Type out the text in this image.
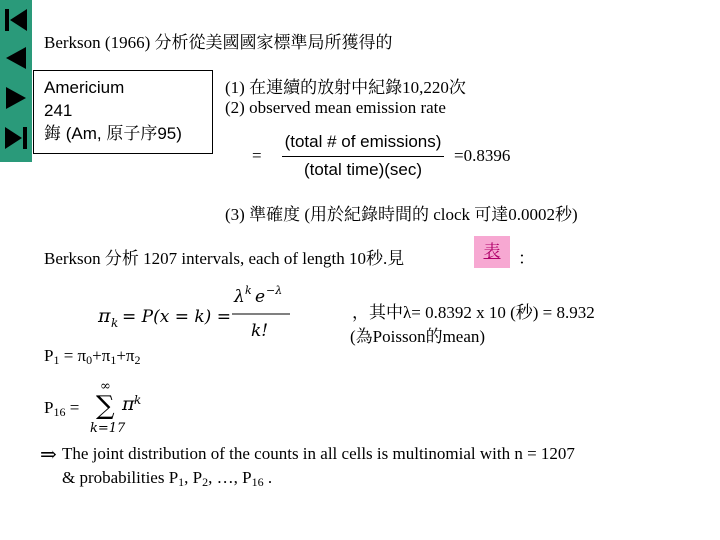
Berkson (1966) 分析從美國國家標準局所獲得的
Americium
241
鋂 (Am, 原子序95)
(1) 在連續的放射中紀錄10,220次
(2) observed mean emission rate
=
(total # of emissions)
(total time)(sec)
=0.8396
(3) 準確度 (用於紀錄時間的 clock 可達0.0002秒)
Berkson 分析 1207 intervals, each of length 10秒.見	表	：
π k = P(x = k) =
λ k e −λ
k!
，其中λ= 0.8392 x 10 (秒) = 8.932
(為Poisson的mean)
$P_1 = \pi_0+\pi_1+\pi_2$
$P_{16}$ =
∞
∑
k=17
π k
⇒ The joint distribution of the counts in all cells is multinomial with n = 1207
& probabilities $P_1$, $P_2$, …, $P_{16}$ .
